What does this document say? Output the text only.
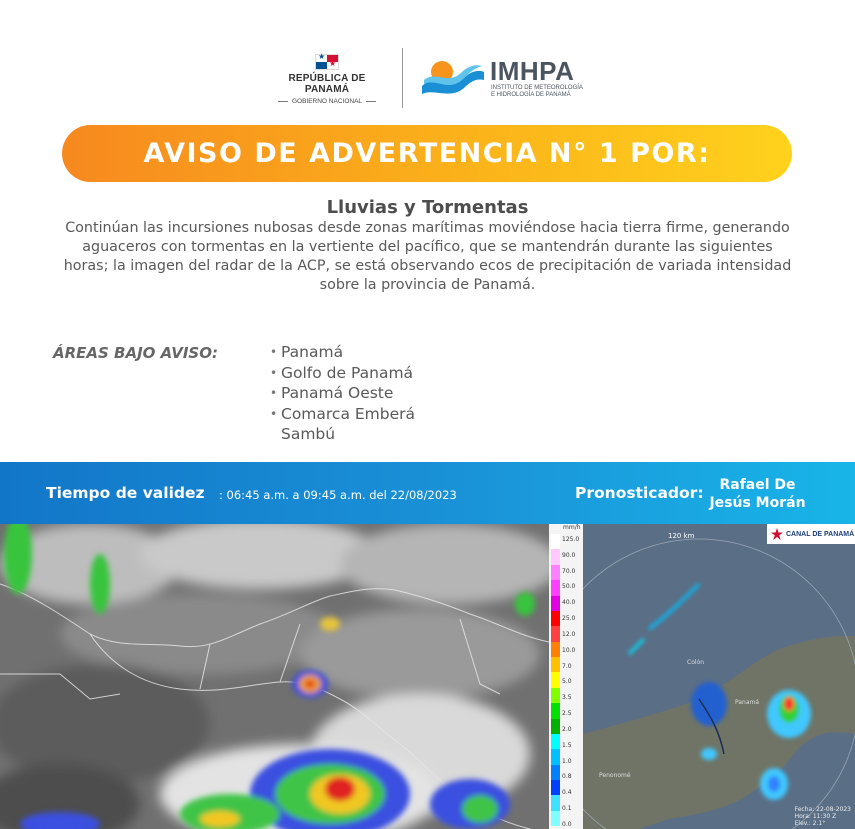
★
★
REPÚBLICA DE PANAMÁ
GOBIERNO NACIONAL
IMHPA
INSTITUTO DE METEOROLOGÍA
E HIDROLOGÍA DE PANAMÁ
AVISO DE ADVERTENCIA N° 1 POR:
Lluvias y Tormentas
Continúan las incursiones nubosas desde zonas marítimas moviéndose hacia tierra firme, generando aguaceros con tormentas en la vertiente del pacífico, que se mantendrán durante las siguientes horas; la imagen del radar de la ACP, se está observando ecos de precipitación de variada intensidad sobre la provincia de Panamá.
ÁREAS BAJO AVISO:
•	Panamá
• Golfo de Panamá
• Panamá Oeste
• Comarca Emberá Sambú
Tiempo de validez : 06:45 a.m. a 09:45 a.m. del 22/08/2023	Pronosticador:	Rafael De Jesús Morán
mm/h
125.0
90.0
70.0
50.0
40.0
25.0
12.0
10.0
7.0
5.0
3.5
2.5
2.0
1.5
1.0
0.8
0.4
0.1
0.0
CANAL DE PANAMÁ
120 km
Colón
Panamá
Penonomé
Fecha: 22-08-2023
Hora: 11:30 Z
Elev.: 2.1°
